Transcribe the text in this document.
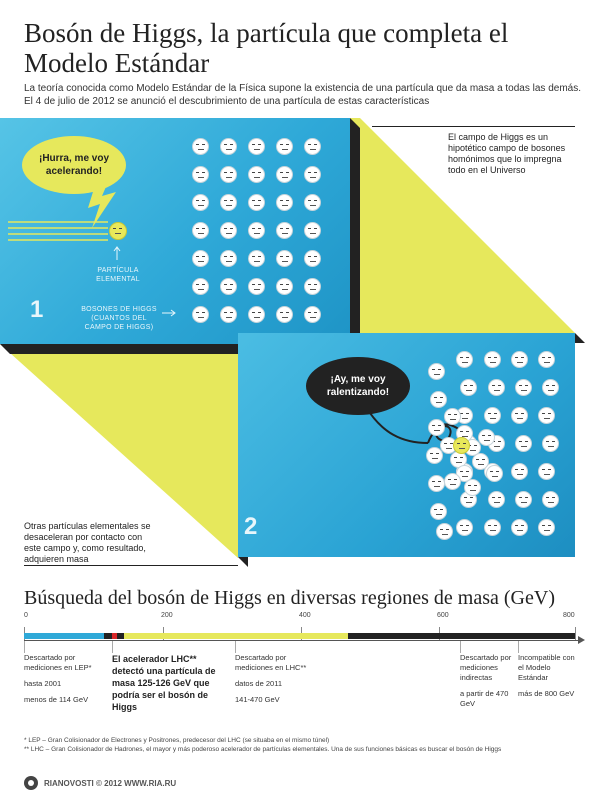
Bosón de Higgs, la partícula que completa el Modelo Estándar
La teoría conocida como Modelo Estándar de la Física supone la existencia de una partícula que da masa a todas las demás.
El 4 de julio de 2012 se anunció el descubrimiento de una partícula de estas características
¡Hurra, me voy acelerando!
PARTÍCULA ELEMENTAL
BOSONES DE HIGGS (CUANTOS DEL CAMPO DE HIGGS)
1
El campo de Higgs es un hipotético campo de bosones homónimos que lo impregna todo en el Universo
¡Ay, me voy ralentizando!
2
Otras partículas elementales se desaceleran por contacto con este campo y, como resultado, adquieren masa
Búsqueda del bosón de Higgs en diversas regiones de masa (GeV)
0	200	400	600	800
Descartado por mediciones en LEP*
hasta 2001
menos de 114 GeV
El acelerador LHC** detectó una partícula de masa 125-126 GeV que podría ser el bosón de Higgs
Descartado por mediciones en LHC**
datos de 2011
141-470 GeV
Descartado por mediciones indirectas
a partir de 470 GeV
Incompatible con el Modelo Estándar
más de 800 GeV
* LEP – Gran Colisionador de Electrones y Positrones, predecesor del LHC (se situaba en el mismo túnel)
** LHC – Gran Colisionador de Hadrones, el mayor y más poderoso acelerador de partículas elementales. Una de sus funciones básicas es buscar el bosón de Higgs
RIANOVOSTI © 2012 WWW.RIA.RU
